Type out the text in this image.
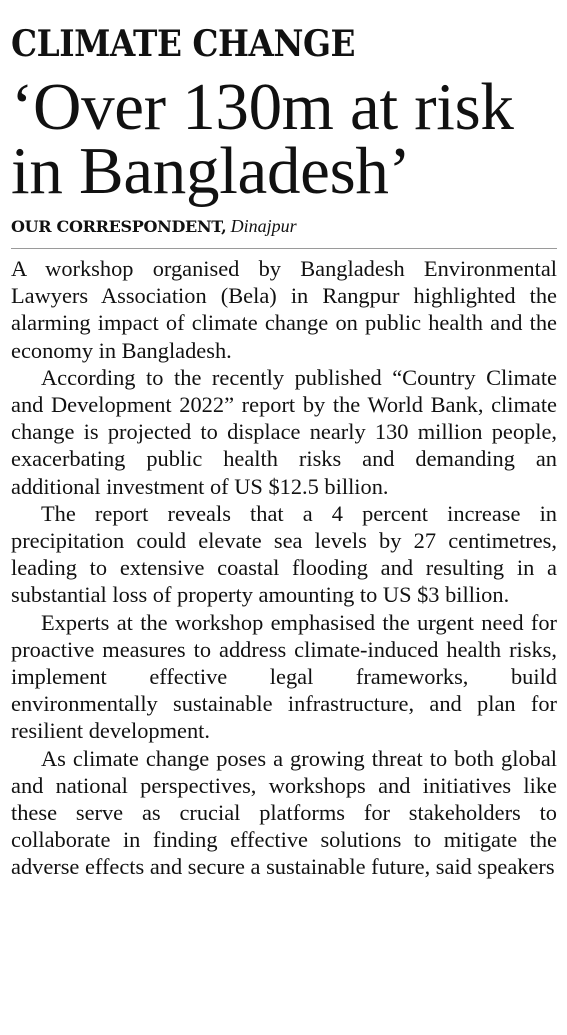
CLIMATE CHANGE
‘Over 130m at risk in Bangladesh’
OUR CORRESPONDENT, Dinajpur

A workshop organised by Bangladesh Environmental Lawyers Association (Bela) in Rangpur highlighted the alarming impact of climate change on public health and the economy in Bangladesh.

According to the recently published “Country Climate and Development 2022” report by the World Bank, climate change is projected to displace nearly 130 million people, exacerbating public health risks and demanding an additional investment of US $12.5 billion.

The report reveals that a 4 percent increase in precipitation could elevate sea levels by 27 centimetres, leading to extensive coastal flooding and resulting in a substantial loss of property amounting to US $3 billion.

Experts at the workshop emphasised the urgent need for proactive measures to address climate-induced health risks, implement effective legal frameworks, build environmentally sustainable infrastructure, and plan for resilient development.

As climate change poses a growing threat to both global and national perspectives, workshops and initiatives like these serve as crucial platforms for stakeholders to collaborate in finding effective solutions to mitigate the adverse effects and secure a sustainable future, said speakers
